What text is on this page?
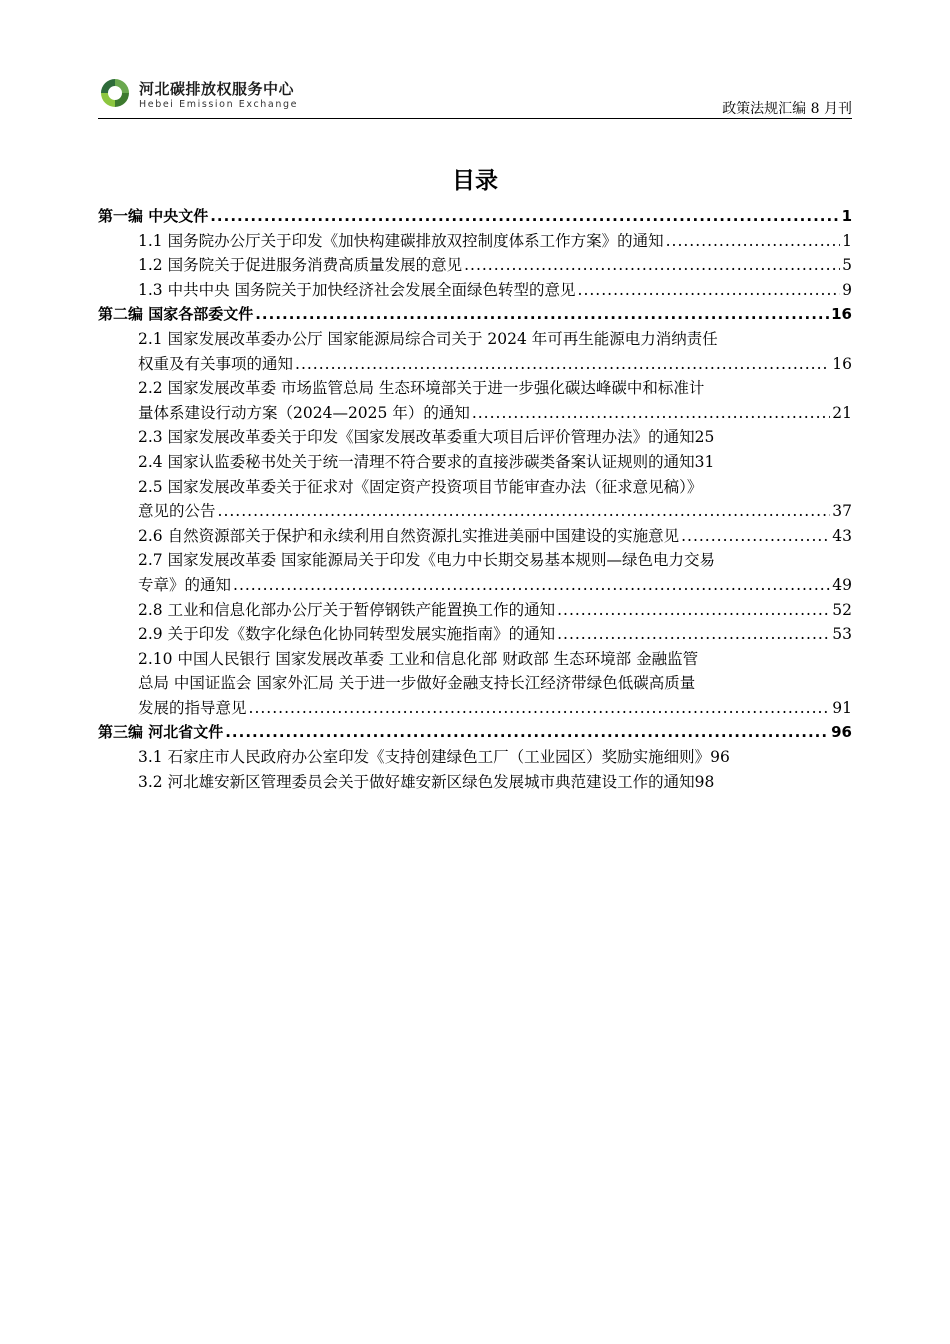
河北碳排放权服务中心
Hebei Emission Exchange	政策法规汇编 8 月刊
目录
第一编 中央文件 .....	1
1.1 国务院办公厅关于印发《加快构建碳排放双控制度体系工作方案》的通知 .....	1
1.2 国务院关于促进服务消费高质量发展的意见 .....	5
1.3 中共中央 国务院关于加快经济社会发展全面绿色转型的意见 .....	9
第二编 国家各部委文件 .....	16
2.1 国家发展改革委办公厅 国家能源局综合司关于 2024 年可再生能源电力消纳责任
权重及有关事项的通知 .....	16
2.2 国家发展改革委 市场监管总局 生态环境部关于进一步强化碳达峰碳中和标准计
量体系建设行动方案（2024—2025 年）的通知 .....	21
2.3 国家发展改革委关于印发《国家发展改革委重大项目后评价管理办法》的通知 25
2.4 国家认监委秘书处关于统一清理不符合要求的直接涉碳类备案认证规则的通知 31
2.5 国家发展改革委关于征求对《固定资产投资项目节能审查办法（征求意见稿）》
意见的公告 .....	37
2.6 自然资源部关于保护和永续利用自然资源扎实推进美丽中国建设的实施意见 .....	43
2.7 国家发展改革委 国家能源局关于印发《电力中长期交易基本规则—绿色电力交易
专章》的通知 .....	49
2.8 工业和信息化部办公厅关于暂停钢铁产能置换工作的通知 .....	52
2.9 关于印发《数字化绿色化协同转型发展实施指南》的通知 .....	53
2.10 中国人民银行 国家发展改革委 工业和信息化部 财政部 生态环境部 金融监管
总局 中国证监会 国家外汇局 关于进一步做好金融支持长江经济带绿色低碳高质量
发展的指导意见 .....	91
第三编 河北省文件 .....	96
3.1 石家庄市人民政府办公室印发《支持创建绿色工厂（工业园区）奖励实施细则》 96
3.2 河北雄安新区管理委员会关于做好雄安新区绿色发展城市典范建设工作的通知 98
